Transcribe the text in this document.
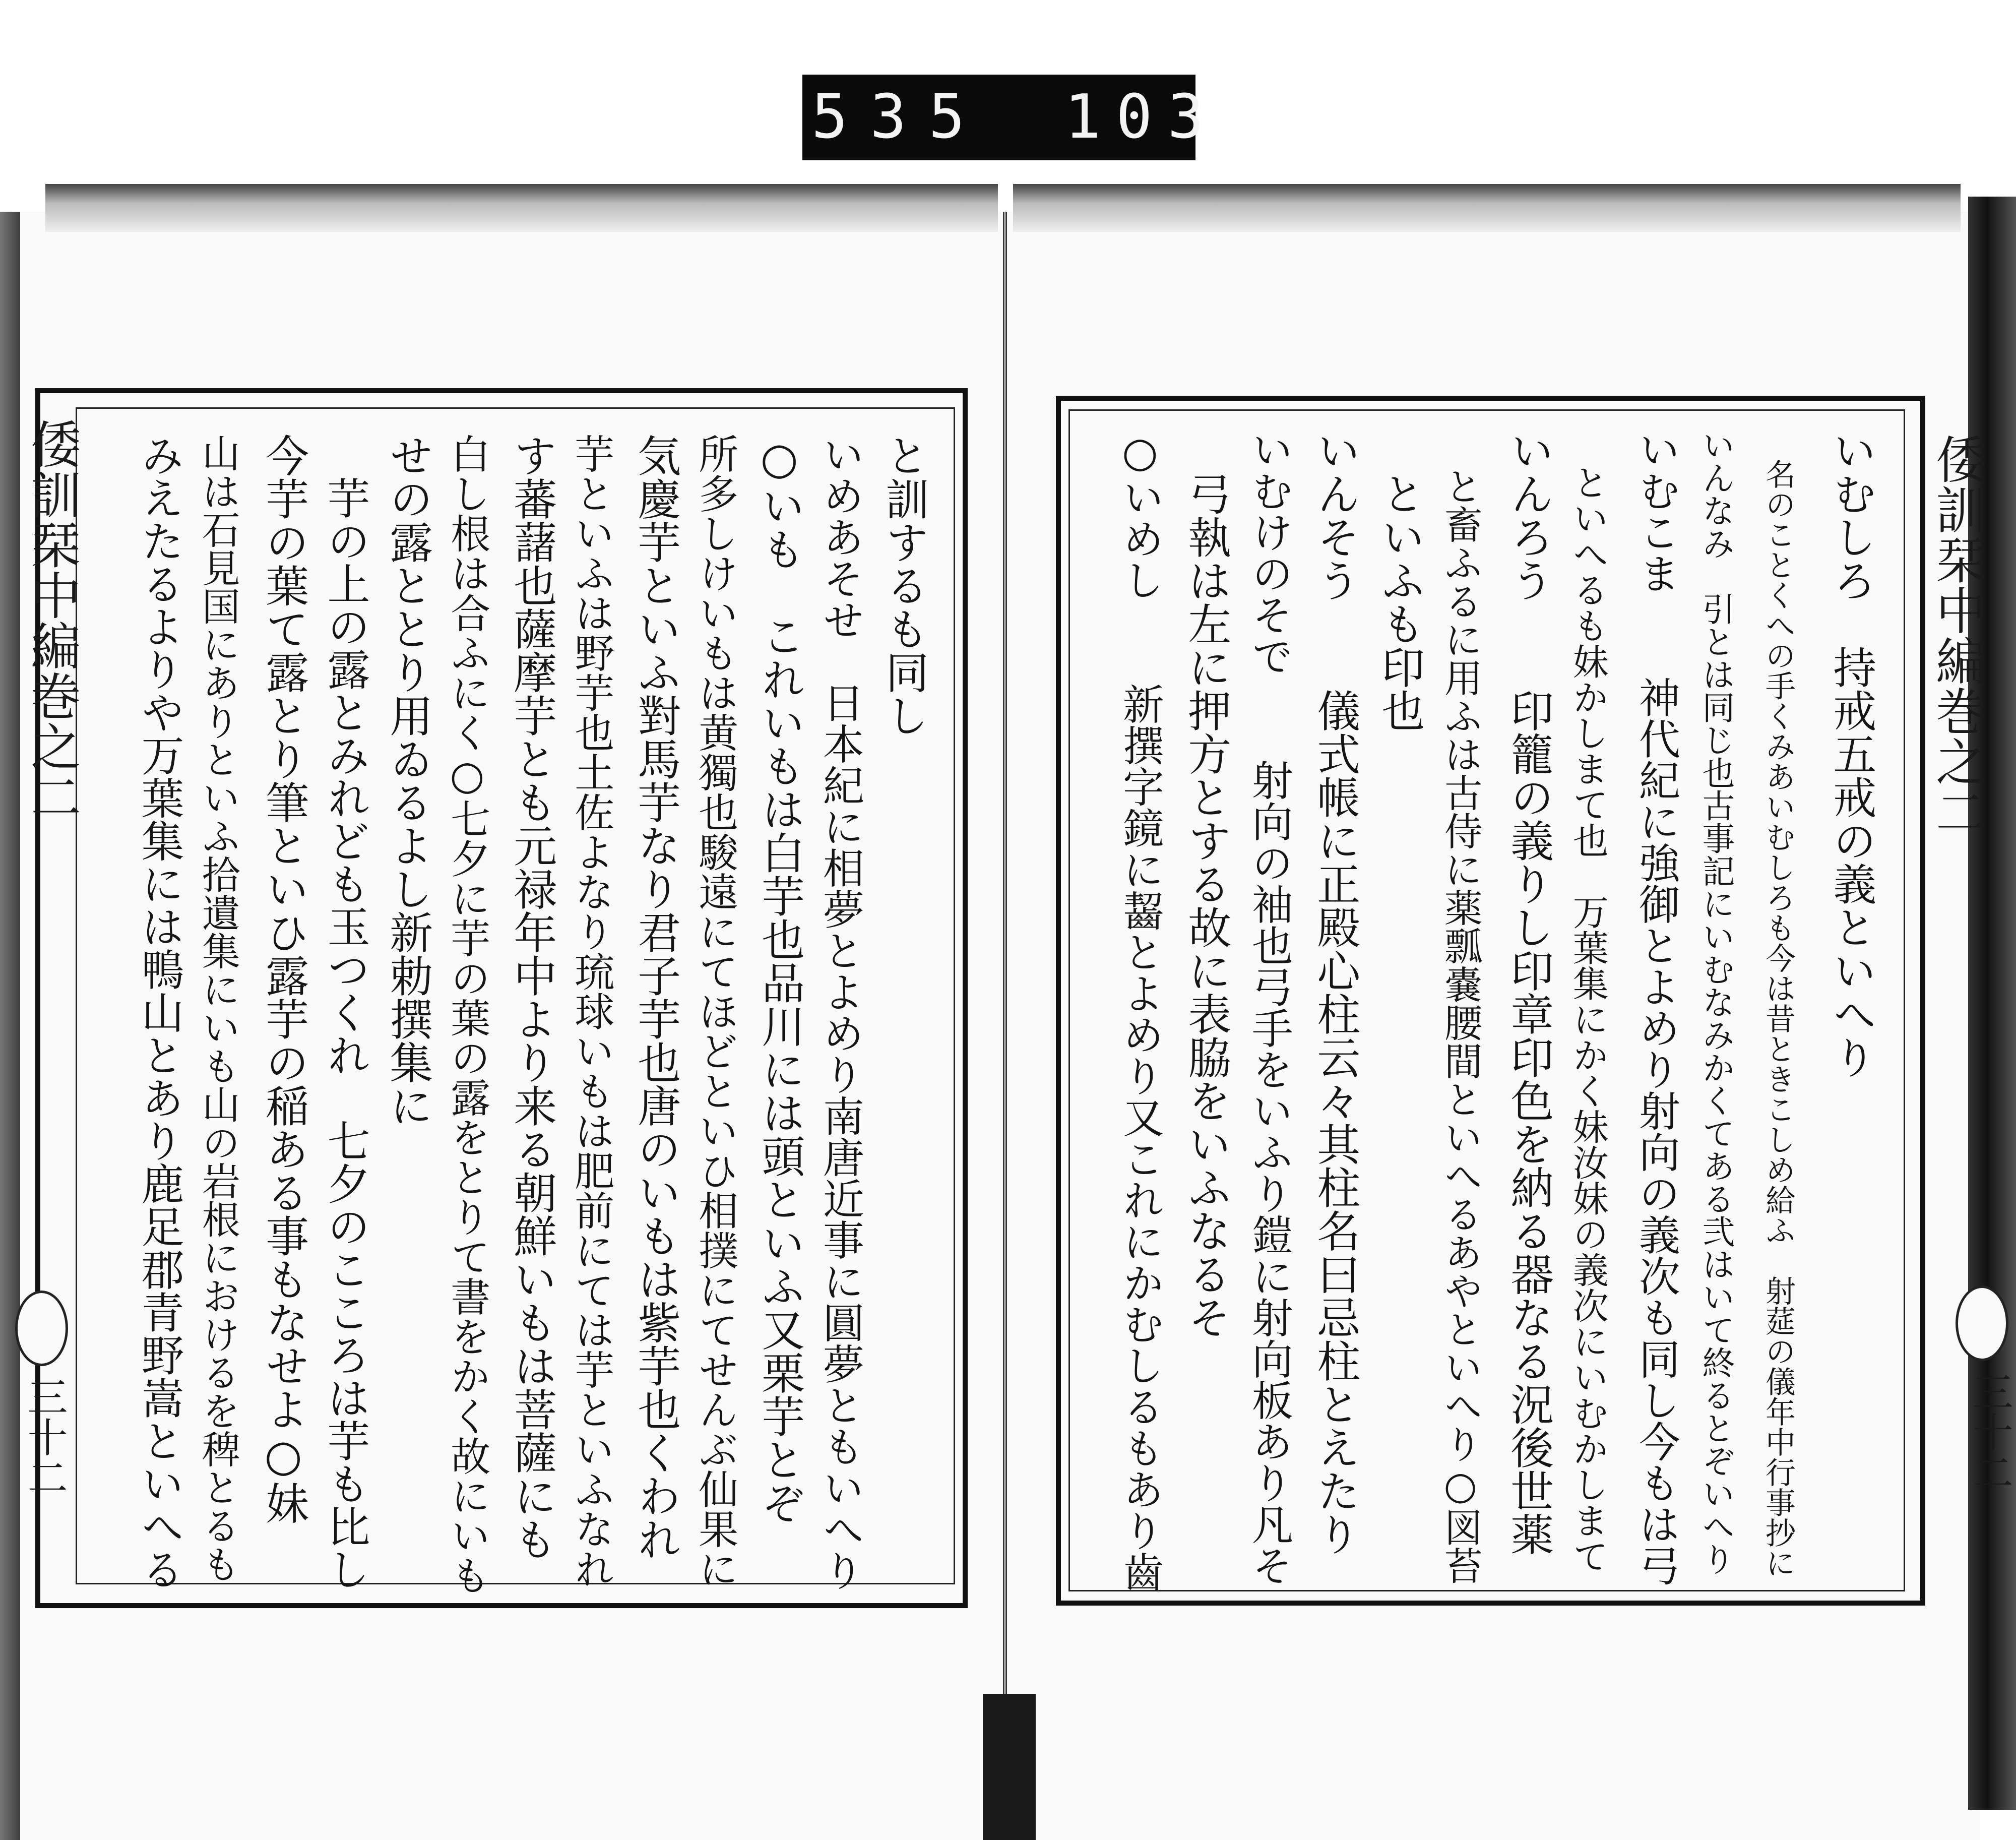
535 103
倭訓栞中編巻之二
三十二
倭訓栞中編巻之二
三十二
と訓するも同し
いめあそせ　日本紀に相夢とよめり南唐近事に圓夢ともいへり
○いも　これいもは白芋也品川には頭といふ又栗芋とぞ
所多しけいもは黄獨也駿遠にてほどといひ相撲にてせんぶ仙果に
気慶芋といふ對馬芋なり君子芋也唐のいもは紫芋也くわれ
芋といふは野芋也土佐よなり琉球いもは肥前にては芋といふなれ
す蕃藷也薩摩芋とも元禄年中より来る朝鮮いもは菩薩にも
白し根は合ふにく○七夕に芋の葉の露をとりて書をかく故にいも
せの露ととり用ゐるよし新勅撰集に
　芋の上の露とみれども玉つくれ　七夕のこころは芋も比し
今芋の葉て露とり筆といひ露芋の稲ある事もなせよ○妹
山は石見国にありといふ拾遺集にいも山の岩根におけるを稗とるも
みえたるよりや万葉集には鴨山とあり鹿足郡青野嵩といへる	いむしろ　持戒五戒の義といへり
　名のことくへの手くみあいむしろも今は昔ときこしめ給ふ　射莚の儀年中行事抄に
いんなみ　引とは同じ也古事記にいむなみかくてある弐はいて終るとぞいへり
いむこま　　神代紀に強御とよめり射向の義次も同し今もは弓
　といへるも妹かしまて也　万葉集にかく妹汝妹の義次にいむかしまて
いんろう　　印籠の義りし印章印色を納る器なる況後世薬
　と畜ふるに用ふは古侍に薬瓢嚢腰間といへるあやといへり○図苔
　といふも印也
いんそう　　儀式帳に正殿心柱云々其柱名曰忌柱とえたり
いむけのそで　　射向の袖也弓手をいふり鎧に射向板あり凡そ
　弓執は左に押方とする故に表脇をいふなるそ
○いめし　　新撰字鏡に齧とよめり又これにかむしるもあり齒
